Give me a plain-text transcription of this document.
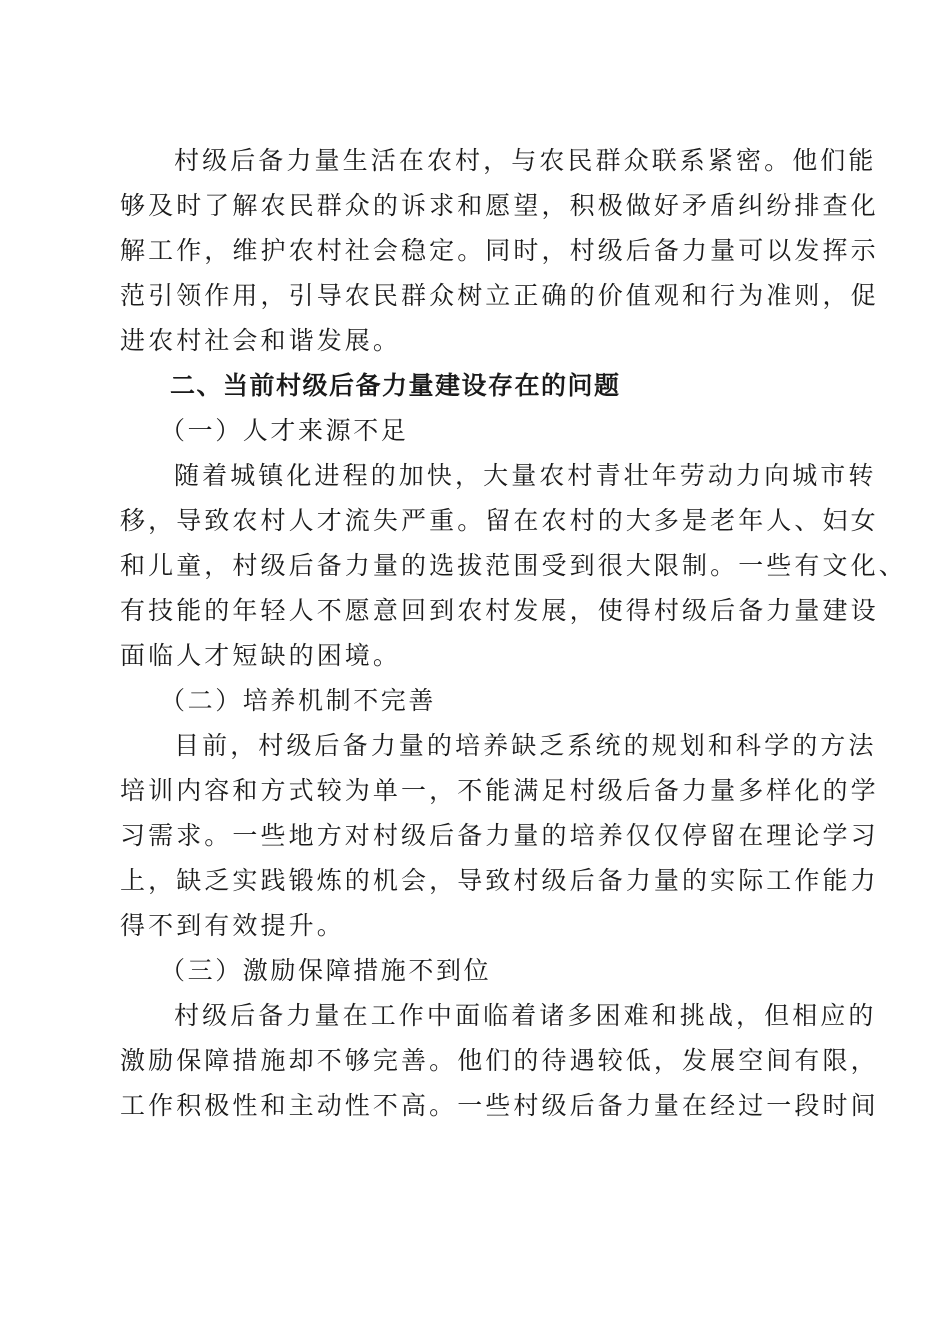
村级后备力量生活在农村，与农民群众联系紧密。他们能
够及时了解农民群众的诉求和愿望，积极做好矛盾纠纷排查化
解工作，维护农村社会稳定。同时，村级后备力量可以发挥示
范引领作用，引导农民群众树立正确的价值观和行为准则，促
进农村社会和谐发展。
二、当前村级后备力量建设存在的问题
（一）人才来源不足
随着城镇化进程的加快，大量农村青壮年劳动力向城市转
移，导致农村人才流失严重。留在农村的大多是老年人、妇女
和儿童，村级后备力量的选拔范围受到很大限制。一些有文化、
有技能的年轻人不愿意回到农村发展，使得村级后备力量建设
面临人才短缺的困境。
（二）培养机制不完善
目前，村级后备力量的培养缺乏系统的规划和科学的方法
培训内容和方式较为单一，不能满足村级后备力量多样化的学
习需求。一些地方对村级后备力量的培养仅仅停留在理论学习
上，缺乏实践锻炼的机会，导致村级后备力量的实际工作能力
得不到有效提升。
（三）激励保障措施不到位
村级后备力量在工作中面临着诸多困难和挑战，但相应的
激励保障措施却不够完善。他们的待遇较低，发展空间有限，
工作积极性和主动性不高。一些村级后备力量在经过一段时间
